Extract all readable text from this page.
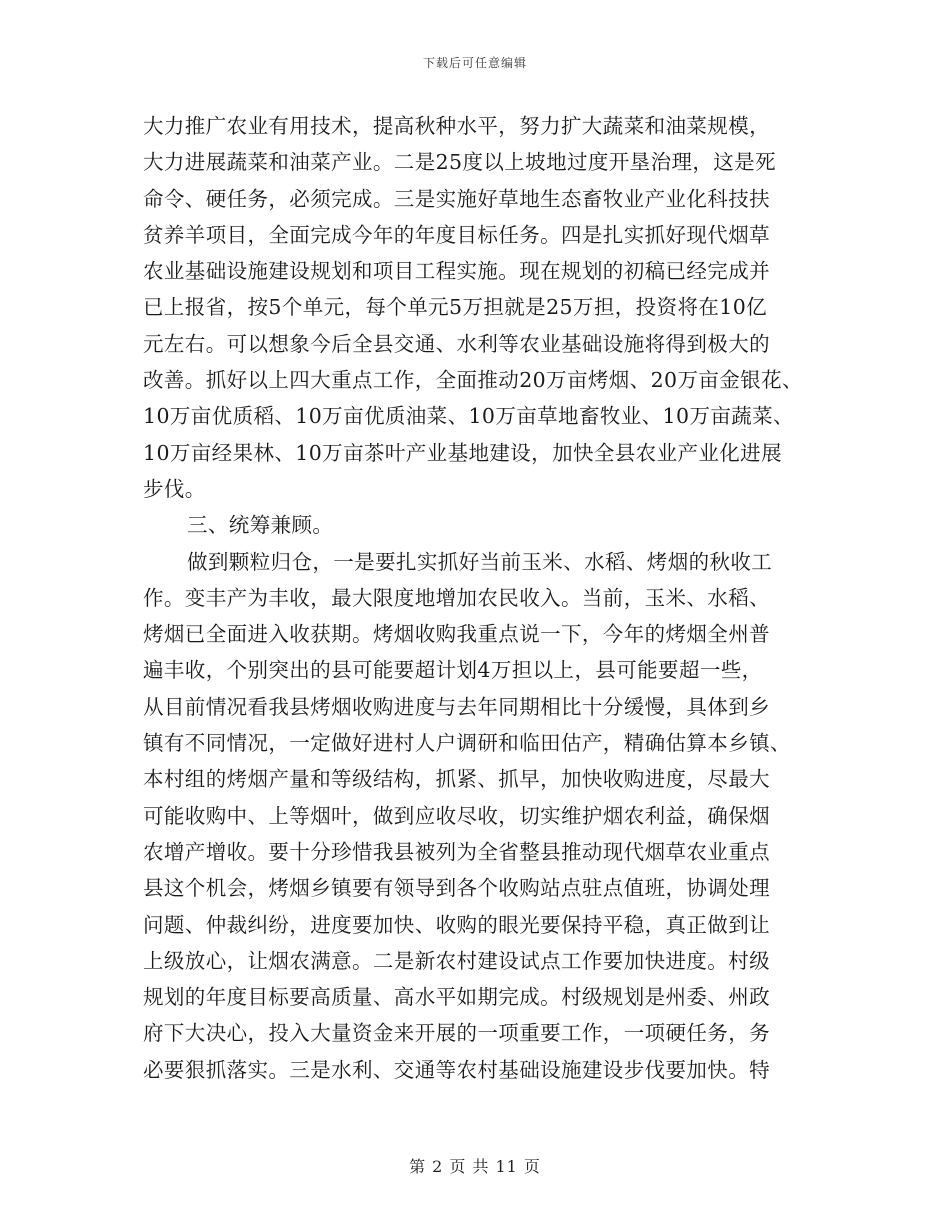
下载后可任意编辑
大力推广农业有用技术，提高秋种水平，努力扩大蔬菜和油菜规模，
大力进展蔬菜和油菜产业。二是25度以上坡地过度开垦治理，这是死
命令、硬任务，必须完成。三是实施好草地生态畜牧业产业化科技扶
贫养羊项目，全面完成今年的年度目标任务。四是扎实抓好现代烟草
农业基础设施建设规划和项目工程实施。现在规划的初稿已经完成并
已上报省，按5个单元，每个单元5万担就是25万担，投资将在10亿
元左右。可以想象今后全县交通、水利等农业基础设施将得到极大的
改善。抓好以上四大重点工作，全面推动20万亩烤烟、20万亩金银花、
10万亩优质稻、10万亩优质油菜、10万亩草地畜牧业、10万亩蔬菜、
10万亩经果林、10万亩茶叶产业基地建设，加快全县农业产业化进展
步伐。
三、统筹兼顾。
做到颗粒归仓，一是要扎实抓好当前玉米、水稻、烤烟的秋收工
作。变丰产为丰收，最大限度地增加农民收入。当前，玉米、水稻、
烤烟已全面进入收获期。烤烟收购我重点说一下，今年的烤烟全州普
遍丰收，个别突出的县可能要超计划4万担以上，县可能要超一些，
从目前情况看我县烤烟收购进度与去年同期相比十分缓慢，具体到乡
镇有不同情况，一定做好进村人户调研和临田估产，精确估算本乡镇、
本村组的烤烟产量和等级结构，抓紧、抓早，加快收购进度，尽最大
可能收购中、上等烟叶，做到应收尽收，切实维护烟农利益，确保烟
农增产增收。要十分珍惜我县被列为全省整县推动现代烟草农业重点
县这个机会，烤烟乡镇要有领导到各个收购站点驻点值班，协调处理
问题、仲裁纠纷，进度要加快、收购的眼光要保持平稳，真正做到让
上级放心，让烟农满意。二是新农村建设试点工作要加快进度。村级
规划的年度目标要高质量、高水平如期完成。村级规划是州委、州政
府下大决心，投入大量资金来开展的一项重要工作，一项硬任务，务
必要狠抓落实。三是水利、交通等农村基础设施建设步伐要加快。特
第 2 页 共 11 页
